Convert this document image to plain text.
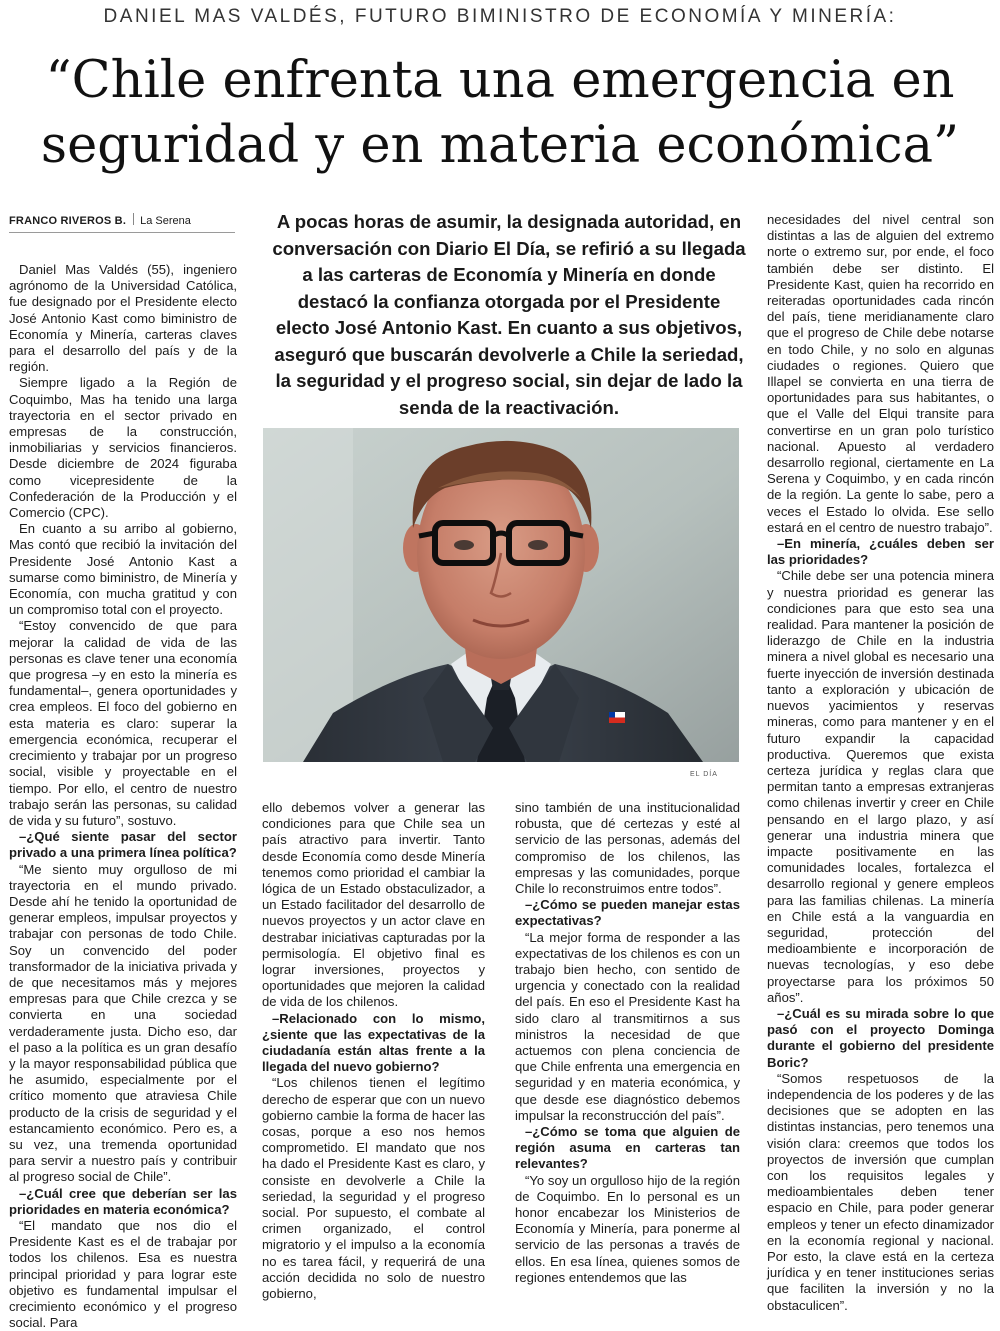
DANIEL MAS VALDÉS, FUTURO BIMINISTRO DE ECONOMÍA Y MINERÍA:
“Chile enfrenta una emergencia en
seguridad y en materia económica”
FRANCO RIVEROS B. La Serena	A pocas horas de asumir, la designada autoridad, en conversación con Diario El Día, se refirió a su llegada a las carteras de Economía y Minería en donde destacó la confianza otorgada por el Presidente electo José Antonio Kast. En cuanto a sus objetivos, aseguró que buscarán devolverle a Chile la seriedad, la seguridad y el progreso social, sin dejar de lado la senda de la reactivación.
EL DÍA

Daniel Mas Valdés (55), ingeniero agrónomo de la Universidad Católica, fue designado por el Presidente electo José Antonio Kast como biministro de Economía y Minería, carteras claves para el desarrollo del país y de la región.

Siempre ligado a la Región de Coquimbo, Mas ha tenido una larga trayectoria en el sector privado en empresas de la construcción, inmobiliarias y servicios financieros. Desde diciembre de 2024 figuraba como vicepresidente de la Confederación de la Producción y el Comercio (CPC).

En cuanto a su arribo al gobierno, Mas contó que recibió la invitación del Presidente José Antonio Kast a sumarse como biministro, de Minería y Economía, con mucha gratitud y con un compromiso total con el proyecto.

“Estoy convencido de que para mejorar la calidad de vida de las personas es clave tener una economía que progresa –y en esto la minería es fundamental–, genera oportunidades y crea empleos. El foco del gobierno en esta materia es claro: superar la emergencia económica, recuperar el crecimiento y trabajar por un progreso social, visible y proyectable en el tiempo. Por ello, el centro de nuestro trabajo serán las personas, su calidad de vida y su futuro”, sostuvo.

–¿Qué siente pasar del sector privado a una primera línea política?

“Me siento muy orgulloso de mi trayectoria en el mundo privado. Desde ahí he tenido la oportunidad de generar empleos, impulsar proyectos y trabajar con personas de todo Chile. Soy un convencido del poder transformador de la iniciativa privada y de que necesitamos más y mejores empresas para que Chile crezca y se convierta en una sociedad verdaderamente justa. Dicho eso, dar el paso a la política es un gran desafío y la mayor responsabilidad pública que he asumido, especialmente por el crítico momento que atraviesa Chile producto de la crisis de seguridad y el estancamiento económico. Pero es, a su vez, una tremenda oportunidad para servir a nuestro país y contribuir al progreso social de Chile”.

–¿Cuál cree que deberían ser las prioridades en materia económica?

“El mandato que nos dio el Presidente Kast es el de trabajar por todos los chilenos. Esa es nuestra principal prioridad y para lograr este objetivo es fundamental impulsar el crecimiento económico y el progreso social. Para

ello debemos volver a generar las condiciones para que Chile sea un país atractivo para invertir. Tanto desde Economía como desde Minería tenemos como prioridad el cambiar la lógica de un Estado obstaculizador, a un Estado facilitador del desarrollo de nuevos proyectos y un actor clave en destrabar iniciativas capturadas por la permisología. El objetivo final es lograr inversiones, proyectos y oportunidades que mejoren la calidad de vida de los chilenos.

–Relacionado con lo mismo, ¿siente que las expectativas de la ciudadanía están altas frente a la llegada del nuevo gobierno?

“Los chilenos tienen el legítimo derecho de esperar que con un nuevo gobierno cambie la forma de hacer las cosas, porque a eso nos hemos comprometido. El mandato que nos ha dado el Presidente Kast es claro, y consiste en devolverle a Chile la seriedad, la seguridad y el progreso social. Por supuesto, el combate al crimen organizado, el control migratorio y el impulso a la economía no es tarea fácil, y requerirá de una acción decidida no solo de nuestro gobierno,

sino también de una institucionalidad robusta, que dé certezas y esté al servicio de las personas, además del compromiso de los chilenos, las empresas y las comunidades, porque Chile lo reconstruimos entre todos”.

–¿Cómo se pueden manejar estas expectativas?

“La mejor forma de responder a las expectativas de los chilenos es con un trabajo bien hecho, con sentido de urgencia y conectado con la realidad del país. En eso el Presidente Kast ha sido claro al transmitirnos a sus ministros la necesidad de que actuemos con plena conciencia de que Chile enfrenta una emergencia en seguridad y en materia económica, y que desde ese diagnóstico debemos impulsar la reconstrucción del país”.

–¿Cómo se toma que alguien de región asuma en carteras tan relevantes?

“Yo soy un orgulloso hijo de la región de Coquimbo. En lo personal es un honor encabezar los Ministerios de Economía y Minería, para ponerme al servicio de las personas a través de ellos. En esa línea, quienes somos de regiones entendemos que las

necesidades del nivel central son distintas a las de alguien del extremo norte o extremo sur, por ende, el foco también debe ser distinto. El Presidente Kast, quien ha recorrido en reiteradas oportunidades cada rincón del país, tiene meridianamente claro que el progreso de Chile debe notarse en todo Chile, y no solo en algunas ciudades o regiones. Quiero que Illapel se convierta en una tierra de oportunidades para sus habitantes, o que el Valle del Elqui transite para convertirse en un gran polo turístico nacional. Apuesto al verdadero desarrollo regional, ciertamente en La Serena y Coquimbo, y en cada rincón de la región. La gente lo sabe, pero a veces el Estado lo olvida. Ese sello estará en el centro de nuestro trabajo”.

–En minería, ¿cuáles deben ser las prioridades?

“Chile debe ser una potencia minera y nuestra prioridad es generar las condiciones para que esto sea una realidad. Para mantener la posición de liderazgo de Chile en la industria minera a nivel global es necesario una fuerte inyección de inversión destinada tanto a exploración y ubicación de nuevos yacimientos y reservas mineras, como para mantener y en el futuro expandir la capacidad productiva. Queremos que exista certeza jurídica y reglas clara que permitan tanto a empresas extranjeras como chilenas invertir y creer en Chile pensando en el largo plazo, y así generar una industria minera que impacte positivamente en las comunidades locales, fortalezca el desarrollo regional y genere empleos para las familias chilenas. La minería en Chile está a la vanguardia en seguridad, protección del medioambiente e incorporación de nuevas tecnologías, y eso debe proyectarse para los próximos 50 años”.

–¿Cuál es su mirada sobre lo que pasó con el proyecto Dominga durante el gobierno del presidente Boric?

“Somos respetuosos de la independencia de los poderes y de las decisiones que se adopten en las distintas instancias, pero tenemos una visión clara: creemos que todos los proyectos de inversión que cumplan con los requisitos legales y medioambientales deben tener espacio en Chile, para poder generar empleos y tener un efecto dinamizador en la economía regional y nacional. Por esto, la clave está en la certeza jurídica y en tener instituciones serias que faciliten la inversión y no la obstaculicen”.
